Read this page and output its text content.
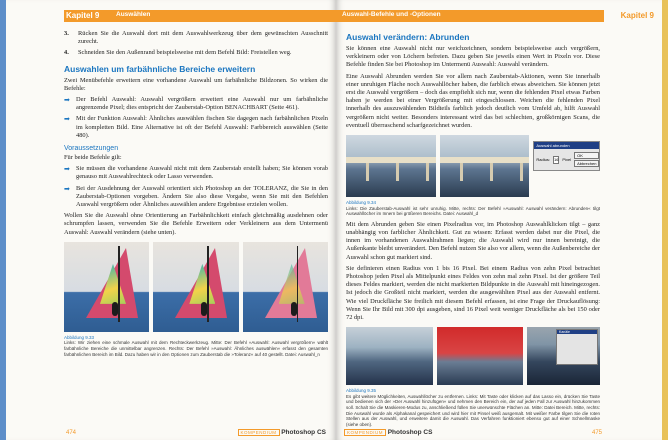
Kapitel 9	Auswählen

3. Rücken Sie die Auswahl dort mit dem Auswahlwerkzeug über dem gewünschten Ausschnitt zurecht.

4. Schneiden Sie den Außenrand beispielsweise mit dem Befehl Bild: Freistellen weg.

Auswahlen um farbähnliche Bereiche erweitern

Zwei Menübefehle erweitern eine vorhandene Auswahl um farbähnliche Bildzonen. So wirken die Befehle:

➡ Der Befehl Auswahl: Auswahl vergrößern erweitert eine Auswahl nur um farbähnliche angrenzende Pixel; dies entspricht der Zauberstab-Option BENACHBART (Seite 461).

➡ Mit der Funktion Auswahl: Ähnliches auswählen fischen Sie dagegen nach farbähnlichen Pixeln im kompletten Bild. Eine Alternative ist oft der Befehl Auswahl: Farbbereich auswählen (Seite 480).

Voraussetzungen

Für beide Befehle gilt:

➡ Sie müssen die vorhandene Auswahl nicht mit dem Zauberstab erstellt haben; Sie können vorab genauso mit Auswahlrechteck oder Lasso verwenden.

➡ Bei der Ausdehnung der Auswahl orientiert sich Photoshop an der TOLERANZ, die Sie in den Zauberstab-Optionen vorgeben. Ändern Sie also diese Vorgabe, wenn Sie mit den Befehlen Auswahl vergrößern oder Ähnliches auswählen andere Ergebnisse erzielen wollen.

Wollen Sie die Auswahl ohne Orientierung an Farbähnlichkeit einfach gleichmäßig ausdehnen oder schrumpfen lassen, verwenden Sie die Befehle Erweitern oder Verkleinern aus dem Untermenü Auswahl: Auswahl verändern (siehe unten).

Abbildung 9.33
Links: Wir ziehen eine schmale Auswahl mit dem Rechteckwerkzeug. Mitte: Der Befehl »Auswahl: Auswahl vergrößern« wählt farbähnliche Bereiche die unmittelbar angrenzen. Rechts: Der Befehl »Auswahl: Ähnliches auswählen« erfasst den gesamten farbähnlichen Bereich im Bild. Dazu haben wir in den Optionen zum Zauberstab die »Toleranz« auf 40 gestellt. Datei: Auswahl_n

474	KOMPENDIUM Photoshop CS
Auswahl-Befehle und -Optionen	Kapitel 9
Auswahl verändern: Abrunden

Sie können eine Auswahl nicht nur weichzeichnen, sondern beispielsweise auch vergrößern, verkleinern oder von Löchern befreien. Dazu geben Sie jeweils einen Wert in Pixeln vor. Diese Befehle finden Sie bei Photoshop im Untermenü Auswahl: Auswahl verändern.

Eine Auswahl Abrunden werden Sie vor allem nach Zauberstab-Aktionen, wenn Sie innerhalb einer unruhigen Fläche noch Auswahllöcher haben, die farblich etwas abweichen. Sie können jetzt erst die Auswahl vergrößern – doch das empfiehlt sich nur, wenn die fehlenden Pixel etwas Farben haben je werden bei einer Vergrößerung mit eingeschlossen. Weichen die fehlenden Pixel innerhalb des auszuwählenden Bildteils farblich jedoch deutlich vom Umfeld ab, hilft Auswahl vergrößern nicht weiter. Besonders interessant wird das bei schlechten, großkörnigen Scans, die eventuell überraschend scharfgezeichnet wurden.

Auswahl abrunden
Radius: 16 Pixel
OK
Abbrechen

Abbildung 9.34
Links: Die Zauberstab-Auswahl ist sehr unruhig. Mitte, rechts: Der Befehl »Auswahl: Auswahl verändern: Abrunden« tilgt Auswahllöcher im Innern bei größeren Bereichs. Datei: Auswahl_d

Mit dem Abrunden geben Sie einen Pixelradius vor, im Photoshop Auswahlklicken tilgt – ganz unabhängig von farblicher Ähnlichkeit. Gut zu wissen: Erfasst werden dabei nur die Pixel, die innen im vorhandenen Auswahlrahmen liegen; die Auswahl wird nur innen bereinigt, die Außenkante bleibt unverändert. Den Befehl nutzen Sie also vor allem, wenn die Außenbereiche der Auswahl schon gut markiert sind.

Sie definieren einen Radius von 1 bis 16 Pixel. Bei einem Radius von zehn Pixel betrachtet Photoshop jeden Pixel als Mittelpunkt eines Feldes von zehn mal zehn Pixel. Ist der größere Teil dieses Feldes markiert, werden die nicht markierten Bildpunkte in die Auswahl mit hineingezogen. Ist jedoch die Großteil nicht markiert, werden die ausgewählten Pixel aus der Auswahl entfernt. Wie viel Druckfläche Sie freilich mit diesem Befehl erfassen, ist eine Frage der Druckauflösung: Wenn Sie Ihr Bild mit 300 dpi ausgeben, sind 16 Pixel weit weniger Druckfläche als bei 150 oder 72 dpi.

Kanäle

Abbildung 9.35
Es gibt weitere Möglichkeiten, Auswahllöcher zu entfernen. Links: Mit Taste oder klicken auf das Lasso ein, drücken Sie Taste und bedienen sich der »Der Auswahl hinzufügen« und nehmen den Bereich ein, der auf jeden Fall zur Auswahl hinzukommen soll. Schalt Sie die Maskieren-Modus zu, anschließend füllen Sie unerwünschte Flächen an. Mitte: Datei Bereich. Mitte, rechts: Die Auswahl wurde als Alphakanal gespeichert und wird hier mit Pinsel weiß ausgemalt. Mit weißer Farbe tilgen Sie die roten Stellen aus der Auswahl, und erweitere damit die Auswahl. Das Verfahren funktioniert ebenso gut auf einer Schnellmaske (siehe oben).

KOMPENDIUM Photoshop CS	475
